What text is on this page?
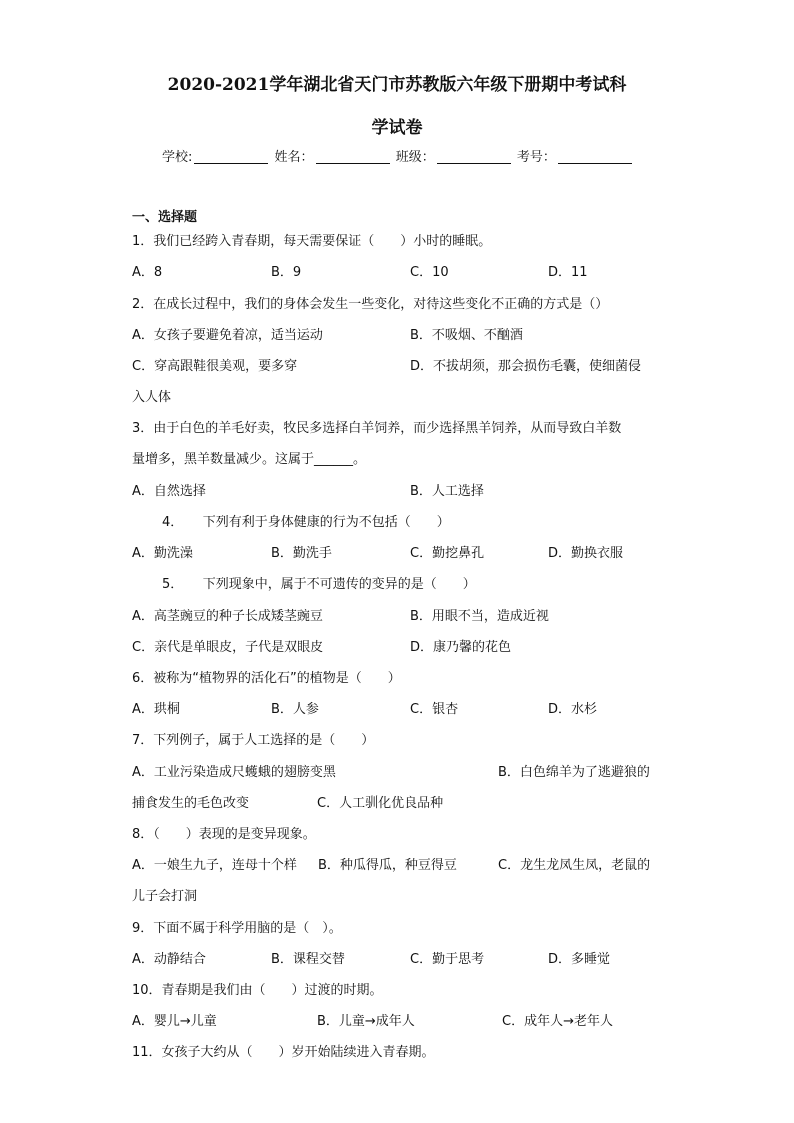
2020-2021学年湖北省天门市苏教版六年级下册期中考试科
学试卷
学校:	姓名：	班级：	考号：
一、选择题
1．我们已经跨入青春期，每天需要保证（　　）小时的睡眠。
A．8	B．9	C．10	D．11
2．在成长过程中，我们的身体会发生一些变化，对待这些变化不正确的方式是（）
A．女孩子要避免着凉，适当运动	B．不吸烟、不酗酒
C．穿高跟鞋很美观，要多穿	D．不拔胡须，那会损伤毛囊，使细菌侵
入人体
3．由于白色的羊毛好卖，牧民多选择白羊饲养，而少选择黑羊饲养，从而导致白羊数
量增多，黑羊数量减少。这属于______。
A．自然选择	B．人工选择
4．　　下列有利于身体健康的行为不包括（　　）
A．勤洗澡	B．勤洗手	C．勤挖鼻孔	D．勤换衣服
5．　　下列现象中，属于不可遗传的变异的是（　　）
A．高茎豌豆的种子长成矮茎豌豆	B．用眼不当，造成近视
C．亲代是单眼皮，子代是双眼皮	D．康乃馨的花色
6．被称为“植物界的活化石”的植物是（　　）
A．珙桐	B．人参	C．银杏	D．水杉
7．下列例子，属于人工选择的是（　　）
A．工业污染造成尺蠖蛾的翅膀变黑	B．白色绵羊为了逃避狼的
捕食发生的毛色改变	C．人工驯化优良品种
8．（　　）表现的是变异现象。
A．一娘生九子，连母十个样 B．种瓜得瓜，种豆得豆	C．龙生龙凤生凤，老鼠的
儿子会打洞
9．下面不属于科学用脑的是（　）。
A．动静结合	B．课程交替	C．勤于思考	D．多睡觉
10．青春期是我们由（　　）过渡的时期。
A．婴儿→儿童	B．儿童→成年人	C．成年人→老年人
11．女孩子大约从（　　）岁开始陆续进入青春期。
